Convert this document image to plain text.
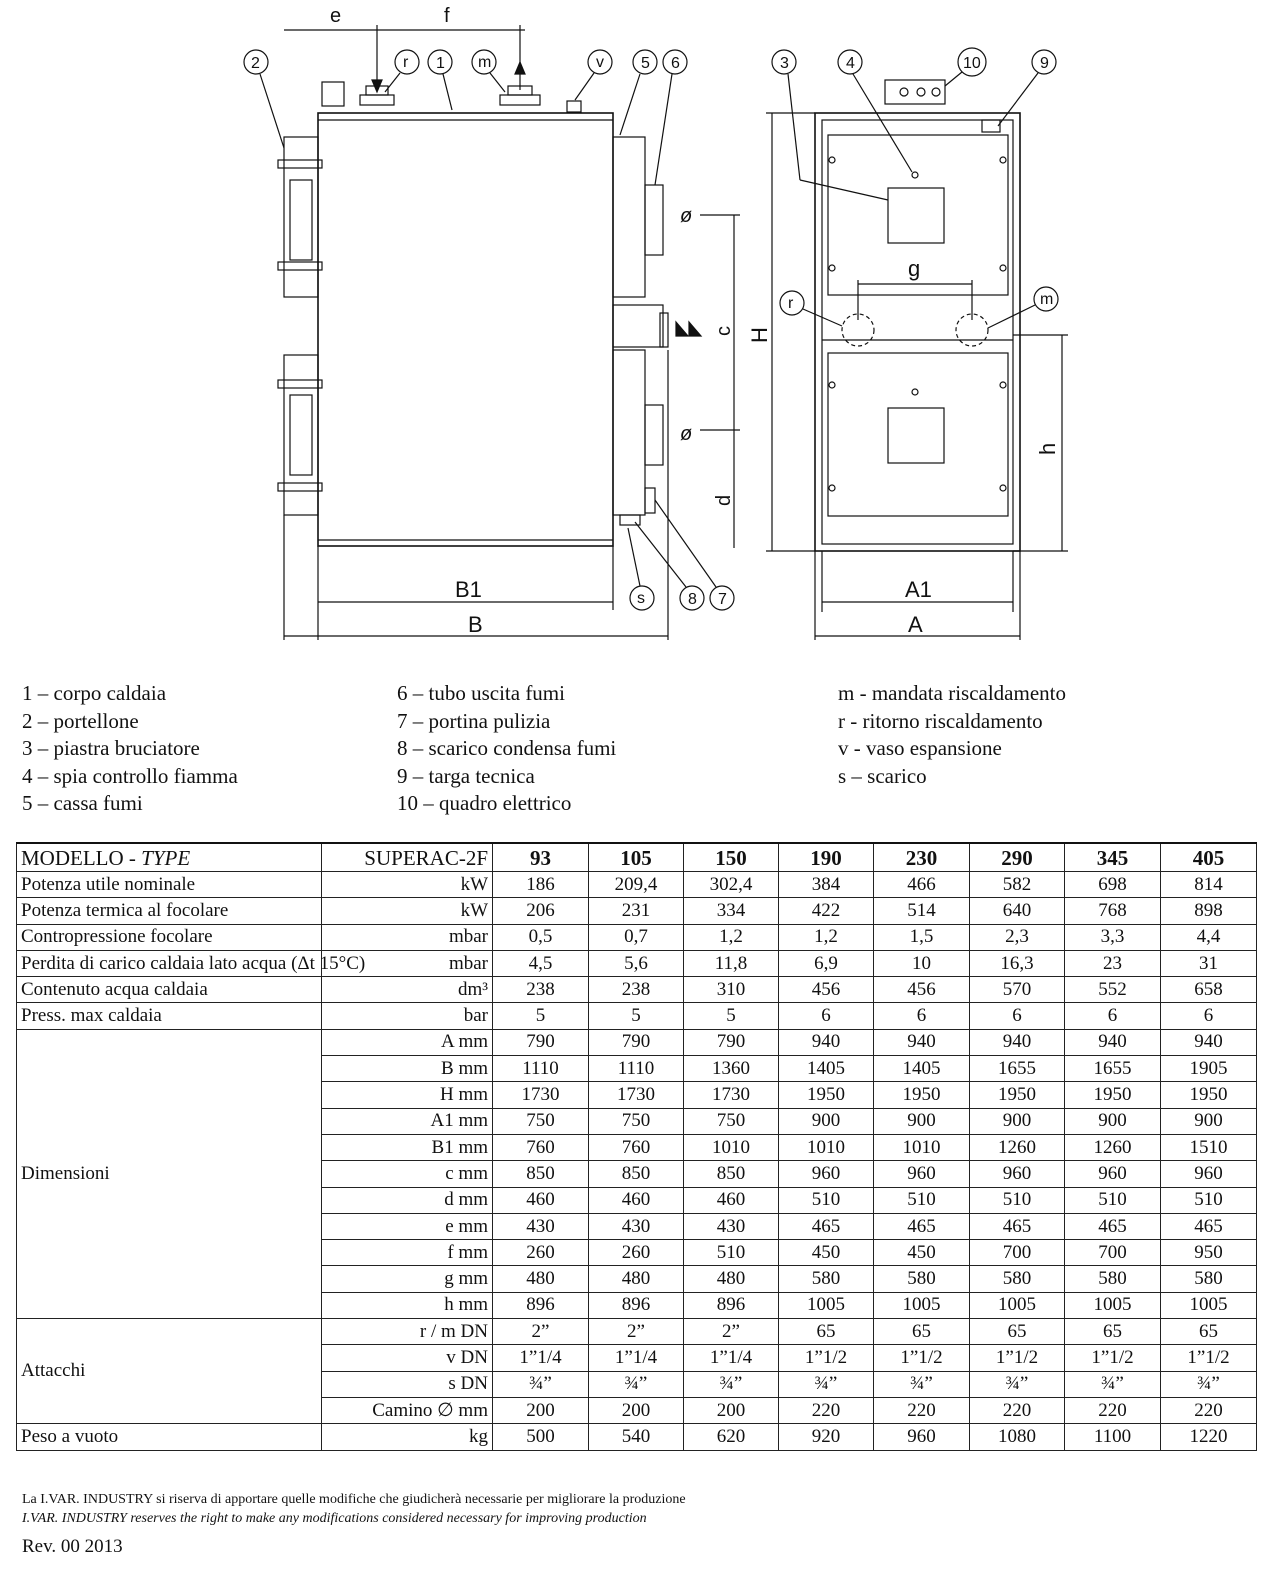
ø
ø
e	f
c
d
B1
B
g
H
h
A1
A
2	r 1 m	v 5 6	3	4	10	9
s	8 7
r	m
1 – corpo caldaia
2 – portellone
3 – piastra bruciatore
4 – spia controllo fiamma
5 – cassa fumi
6 – tubo uscita fumi
7 – portina pulizia
8 – scarico condensa fumi
9 – targa tecnica
10 – quadro elettrico
m - mandata riscaldamento
r - ritorno riscaldamento
v - vaso espansione
s – scarico
MODELLO - TYPE	SUPERAC-2F	93	105	150	190	230	290	345	405
Potenza utile nominale	kW	186	209,4	302,4	384	466	582	698	814
Potenza termica al focolare	kW	206	231	334	422	514	640	768	898
Contropressione focolare	mbar	0,5	0,7	1,2	1,2	1,5	2,3	3,3	4,4
Perdita di carico caldaia lato acqua (Δt 15°C)	mbar	4,5	5,6	11,8	6,9	10	16,3	23	31
Contenuto acqua caldaia	dm³	238	238	310	456	456	570	552	658
Press. max caldaia	bar	5	5	5	6	6	6	6	6
Dimensioni	A mm	790	790	790	940	940	940	940	940
	B mm	1110	1110	1360	1405	1405	1655	1655	1905
	H mm	1730	1730	1730	1950	1950	1950	1950	1950
	A1 mm	750	750	750	900	900	900	900	900
	B1 mm	760	760	1010	1010	1010	1260	1260	1510
	c mm	850	850	850	960	960	960	960	960
	d mm	460	460	460	510	510	510	510	510
	e mm	430	430	430	465	465	465	465	465
	f mm	260	260	510	450	450	700	700	950
	g mm	480	480	480	580	580	580	580	580
	h mm	896	896	896	1005	1005	1005	1005	1005
Attacchi	r / m DN	2”	2”	2”	65	65	65	65	65
	v DN	1”1/4	1”1/4	1”1/4	1”1/2	1”1/2	1”1/2	1”1/2	1”1/2
	s DN	¾”	¾”	¾”	¾”	¾”	¾”	¾”	¾”
	Camino ∅ mm	200	200	200	220	220	220	220	220
Peso a vuoto	kg	500	540	620	920	960	1080	1100	1220
La I.VAR. INDUSTRY si riserva di apportare quelle modifiche che giudicherà necessarie per migliorare la produzione
I.VAR. INDUSTRY reserves the right to make any modifications considered necessary for improving production
Rev. 00 2013
